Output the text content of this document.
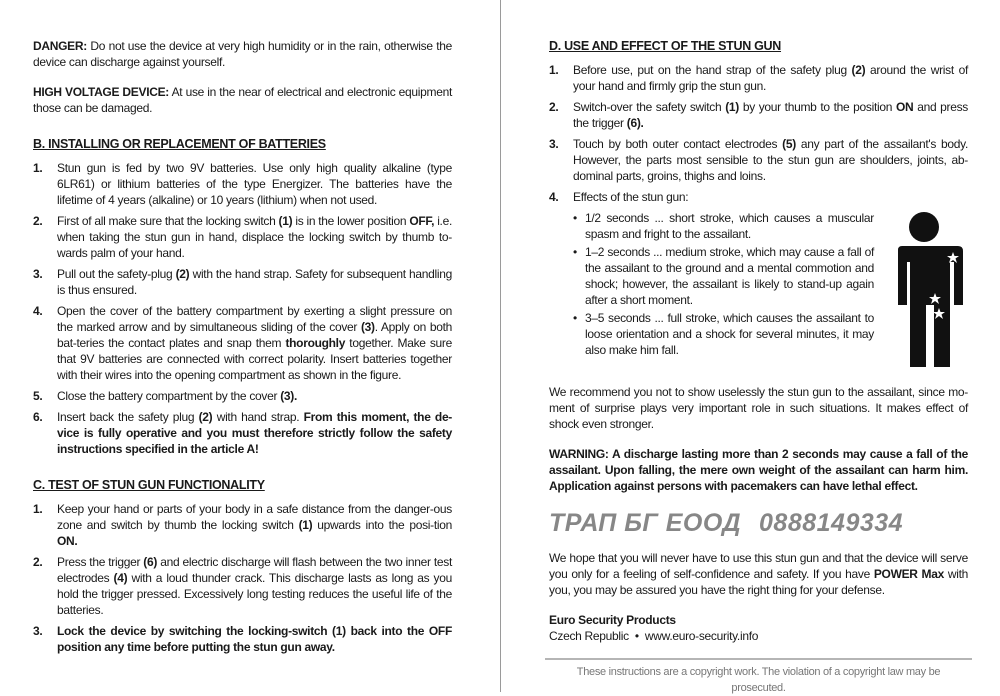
DANGER: Do not use the device at very high humidity or in the rain, otherwise the device can discharge against yourself.

HIGH VOLTAGE DEVICE: At use in the near of electrical and electronic equipment those can be damaged.

B. INSTALLING OR REPLACEMENT OF BATTERIES
1. Stun gun is fed by two 9V batteries. Use only high quality alkaline (type 6LR61) or lithium batteries of the type Energizer. The batteries have the lifetime of 4 years (alkaline) or 10 years (lithium) when not used.
2. First of all make sure that the locking switch (1) is in the lower position OFF, i.e. when taking the stun gun in hand, displace the locking switch by thumb to-wards palm of your hand.
3. Pull out the safety-plug (2) with the hand strap. Safety for subsequent handling is thus ensured.
4. Open the cover of the battery compartment by exerting a slight pressure on the marked arrow and by simultaneous sliding of the cover (3). Apply on both bat-teries the contact plates and snap them thoroughly together. Make sure that 9V batteries are connected with correct polarity. Insert batteries together with their wires into the opening compartment as shown in the figure.
5. Close the battery compartment by the cover (3).
6. Insert back the safety plug (2) with hand strap. From this moment, the de-vice is fully operative and you must therefore strictly follow the safety instructions specified in the article A!
C. TEST OF STUN GUN FUNCTIONALITY
1. Keep your hand or parts of your body in a safe distance from the danger-ous zone and switch by thumb the locking switch (1) upwards into the posi-tion ON.
2. Press the trigger (6) and electric discharge will flash between the two inner test electrodes (4) with a loud thunder crack. This discharge lasts as long as you hold the trigger pressed. Excessively long testing reduces the useful life of the batteries.
3. Lock the device by switching the locking-switch (1) back into the OFF position any time before putting the stun gun away.
D. USE AND EFFECT OF THE STUN GUN
1. Before use, put on the hand strap of the safety plug (2) around the wrist of your hand and firmly grip the stun gun.
2. Switch-over the safety switch (1) by your thumb to the position ON and press the trigger (6).
3. Touch by both outer contact electrodes (5) any part of the assailant's body. However, the parts most sensible to the stun gun are shoulders, joints, ab-dominal parts, groins, thighs and loins.
4. Effects of the stun gun:
• 1/2 seconds ... short stroke, which causes a muscular spasm and fright to the assailant.
• 1–2 seconds ... medium stroke, which may cause a fall of the assailant to the ground and a mental commotion and shock; however, the assailant is likely to stand-up again after a short moment.
• 3–5 seconds ... full stroke, which causes the assailant to loose orientation and a shock for several minutes, it may also make him fall.

We recommend you not to show uselessly the stun gun to the assailant, since mo-ment of surprise plays very important role in such situations. It makes effect of shock even stronger.

WARNING: A discharge lasting more than 2 seconds may cause a fall of the assailant. Upon falling, the mere own weight of the assailant can harm him. Application against persons with pacemakers can have lethal effect.

ТРАП БГ ЕООД 0888149334

We hope that you will never have to use this stun gun and that the device will serve you only for a feeling of self-confidence and safety. If you have POWER Max with you, you may be assured you have the right thing for your defense.

Euro Security Products
Czech Republic  •  www.euro-security.info
These instructions are a copyright work. The violation of a copyright law may be prosecuted.
